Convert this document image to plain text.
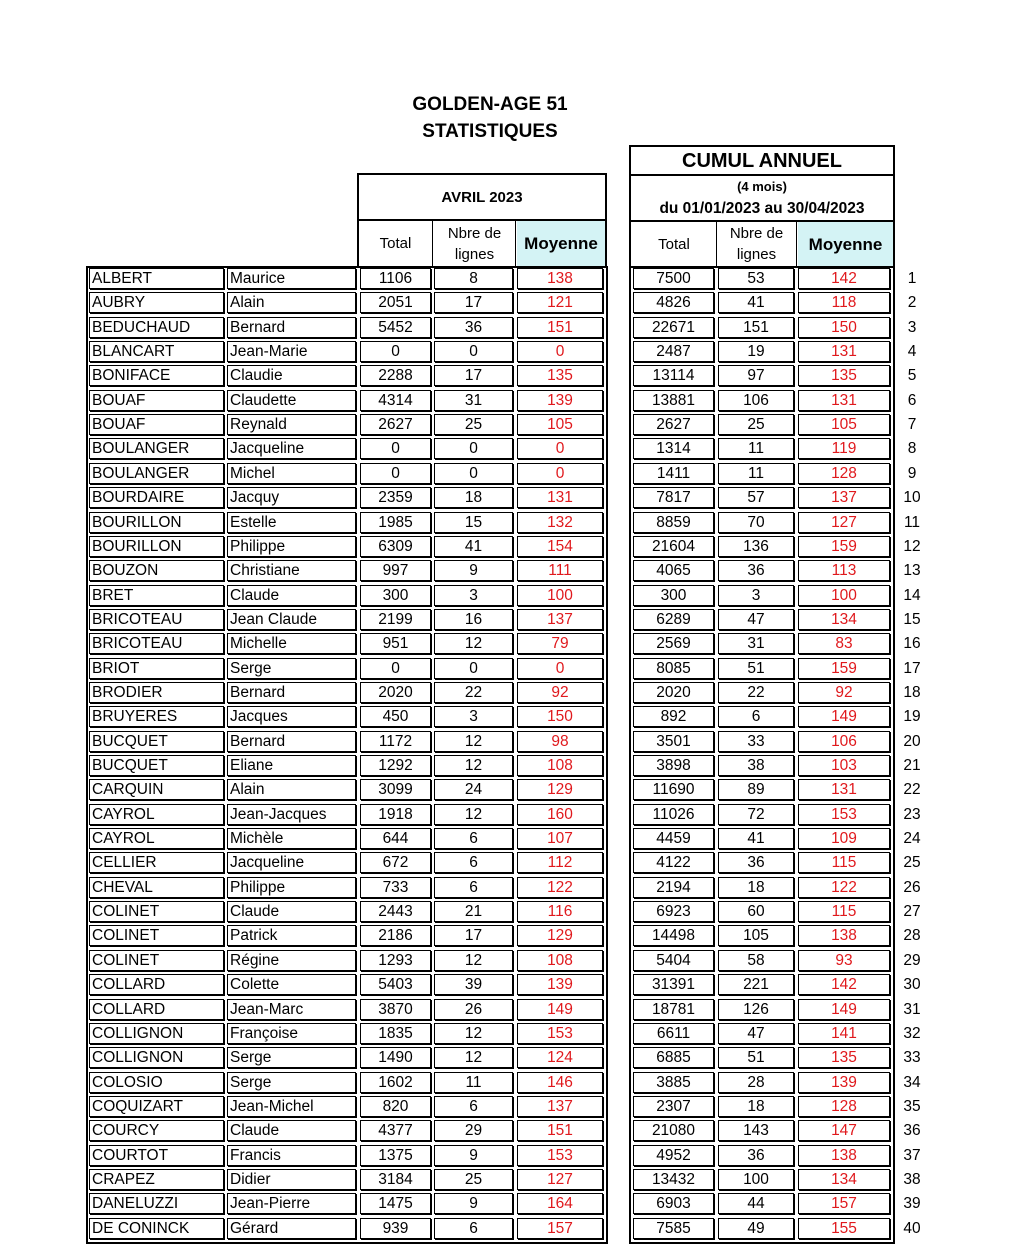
GOLDEN-AGE 51
STATISTIQUES
AVRIL 2023
Total
Nbre de lignes
Moyenne
CUMUL ANNUEL
(4 mois)
du 01/01/2023 au 30/04/2023
Total
Nbre de lignes
Moyenne
ALBERT	Maurice	1106	8	138	7500	53	142	1
AUBRY	Alain	2051	17	121	4826	41	118	2
BEDUCHAUD	Bernard	5452	36	151	22671	151	150	3
BLANCART	Jean-Marie	0	0	0	2487	19	131	4
BONIFACE	Claudie	2288	17	135	13114	97	135	5
BOUAF	Claudette	4314	31	139	13881	106	131	6
BOUAF	Reynald	2627	25	105	2627	25	105	7
BOULANGER	Jacqueline	0	0	0	1314	11	119	8
BOULANGER	Michel	0	0	0	1411	11	128	9
BOURDAIRE	Jacquy	2359	18	131	7817	57	137	10
BOURILLON	Estelle	1985	15	132	8859	70	127	11
BOURILLON	Philippe	6309	41	154	21604	136	159	12
BOUZON	Christiane	997	9	111	4065	36	113	13
BRET	Claude	300	3	100	300	3	100	14
BRICOTEAU	Jean Claude	2199	16	137	6289	47	134	15
BRICOTEAU	Michelle	951	12	79	2569	31	83	16
BRIOT	Serge	0	0	0	8085	51	159	17
BRODIER	Bernard	2020	22	92	2020	22	92	18
BRUYERES	Jacques	450	3	150	892	6	149	19
BUCQUET	Bernard	1172	12	98	3501	33	106	20
BUCQUET	Eliane	1292	12	108	3898	38	103	21
CARQUIN	Alain	3099	24	129	11690	89	131	22
CAYROL	Jean-Jacques	1918	12	160	11026	72	153	23
CAYROL	Michèle	644	6	107	4459	41	109	24
CELLIER	Jacqueline	672	6	112	4122	36	115	25
CHEVAL	Philippe	733	6	122	2194	18	122	26
COLINET	Claude	2443	21	116	6923	60	115	27
COLINET	Patrick	2186	17	129	14498	105	138	28
COLINET	Régine	1293	12	108	5404	58	93	29
COLLARD	Colette	5403	39	139	31391	221	142	30
COLLARD	Jean-Marc	3870	26	149	18781	126	149	31
COLLIGNON	Françoise	1835	12	153	6611	47	141	32
COLLIGNON	Serge	1490	12	124	6885	51	135	33
COLOSIO	Serge	1602	11	146	3885	28	139	34
COQUIZART	Jean-Michel	820	6	137	2307	18	128	35
COURCY	Claude	4377	29	151	21080	143	147	36
COURTOT	Francis	1375	9	153	4952	36	138	37
CRAPEZ	Didier	3184	25	127	13432	100	134	38
DANELUZZI	Jean-Pierre	1475	9	164	6903	44	157	39
DE CONINCK	Gérard	939	6	157	7585	49	155	40
